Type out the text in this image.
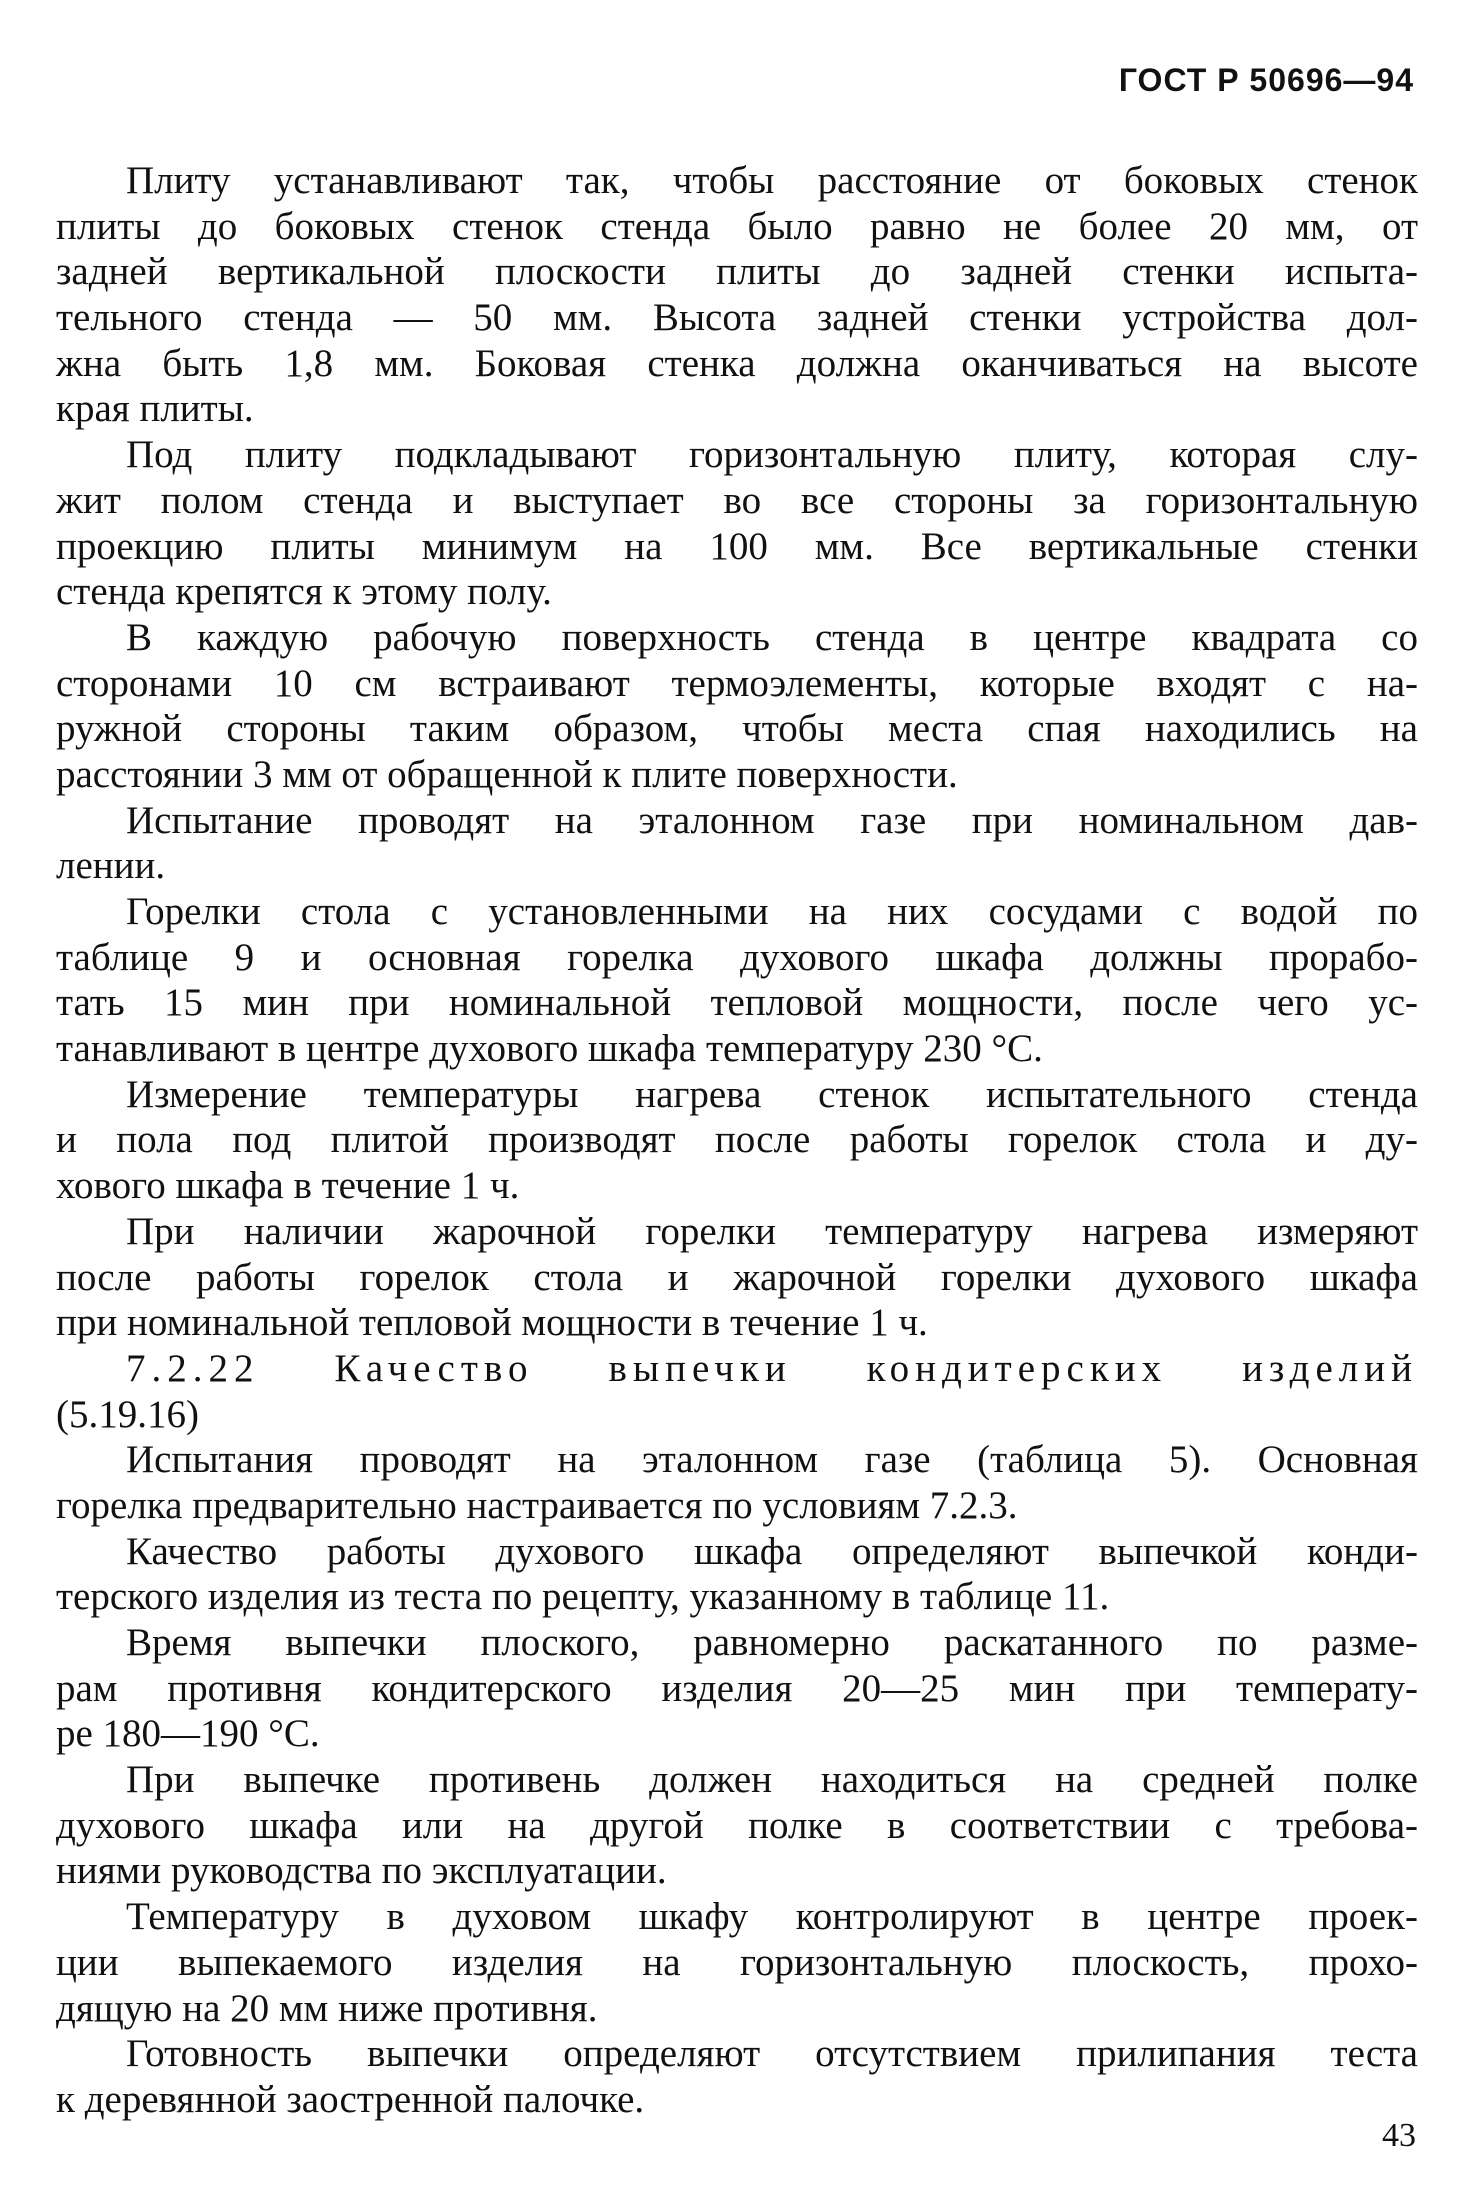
ГОСТ Р 50696—94
Плиту устанавливают так, чтобы расстояние от боковых стенок
плиты до боковых стенок стенда было равно не более 20 мм, от
задней вертикальной плоскости плиты до задней стенки испыта-
тельного стенда — 50 мм. Высота задней стенки устройства дол-
жна быть 1,8 мм. Боковая стенка должна оканчиваться на высоте
края плиты.
Под плиту подкладывают горизонтальную плиту, которая слу-
жит полом стенда и выступает во все стороны за горизонтальную
проекцию плиты минимум на 100 мм. Все вертикальные стенки
стенда крепятся к этому полу.
В каждую рабочую поверхность стенда в центре квадрата со
сторонами 10 см встраивают термоэлементы, которые входят с на-
ружной стороны таким образом, чтобы места спая находились на
расстоянии 3 мм от обращенной к плите поверхности.
Испытание проводят на эталонном газе при номинальном дав-
лении.
Горелки стола с установленными на них сосудами с водой по
таблице 9 и основная горелка духового шкафа должны прорабо-
тать 15 мин при номинальной тепловой мощности, после чего ус-
танавливают в центре духового шкафа температуру 230 °С.
Измерение температуры нагрева стенок испытательного стенда
и пола под плитой производят после работы горелок стола и ду-
хового шкафа в течение 1 ч.
При наличии жарочной горелки температуру нагрева измеряют
после работы горелок стола и жарочной горелки духового шкафа
при номинальной тепловой мощности в течение 1 ч.
7.2.22 Качество выпечки кондитерских изделий
(5.19.16)
Испытания проводят на эталонном газе (таблица 5). Основная
горелка предварительно настраивается по условиям 7.2.3.
Качество работы духового шкафа определяют выпечкой конди-
терского изделия из теста по рецепту, указанному в таблице 11.
Время выпечки плоского, равномерно раскатанного по разме-
рам противня кондитерского изделия 20—25 мин при температу-
ре 180—190 °С.
При выпечке противень должен находиться на средней полке
духового шкафа или на другой полке в соответствии с требова-
ниями руководства по эксплуатации.
Температуру в духовом шкафу контролируют в центре проек-
ции выпекаемого изделия на горизонтальную плоскость, прохо-
дящую на 20 мм ниже противня.
Готовность выпечки определяют отсутствием прилипания теста
к деревянной заостренной палочке.
43
